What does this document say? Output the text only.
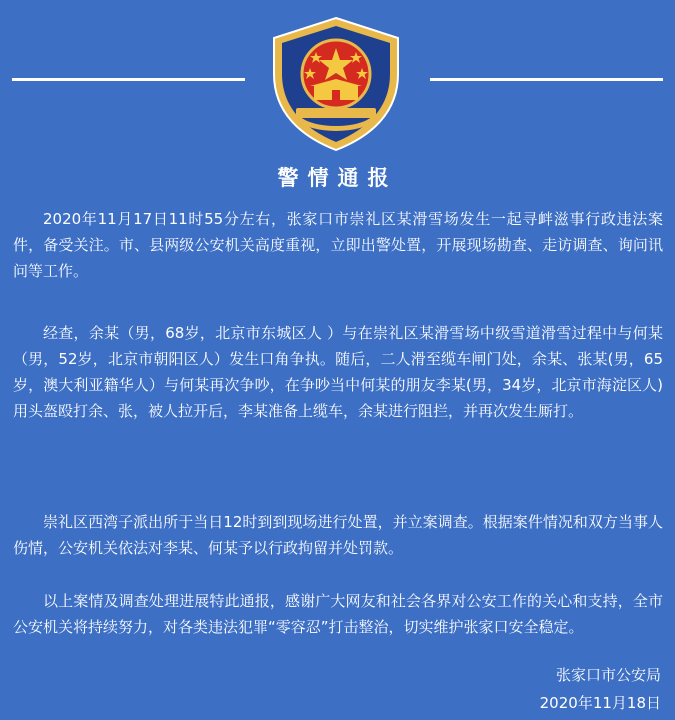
警情通报

2020年11月17日11时55分左右，张家口市崇礼区某滑雪场发生一起寻衅滋事行政违法案件，备受关注。市、县两级公安机关高度重视，立即出警处置，开展现场勘查、走访调查、询问讯问等工作。

经查，余某（男，68岁，北京市东城区人 ）与在崇礼区某滑雪场中级雪道滑雪过程中与何某（男，52岁，北京市朝阳区人）发生口角争执。随后，二人滑至缆车闸门处，余某、张某(男，65岁，澳大利亚籍华人）与何某再次争吵，在争吵当中何某的朋友李某(男，34岁，北京市海淀区人)用头盔殴打余、张，被人拉开后，李某准备上缆车，余某进行阻拦，并再次发生厮打。

崇礼区西湾子派出所于当日12时到到现场进行处置，并立案调查。根据案件情况和双方当事人伤情，公安机关依法对李某、何某予以行政拘留并处罚款。

以上案情及调查处理进展特此通报，感谢广大网友和社会各界对公安工作的关心和支持，全市公安机关将持续努力，对各类违法犯罪“零容忍”打击整治，切实维护张家口安全稳定。

张家口市公安局
2020年11月18日
